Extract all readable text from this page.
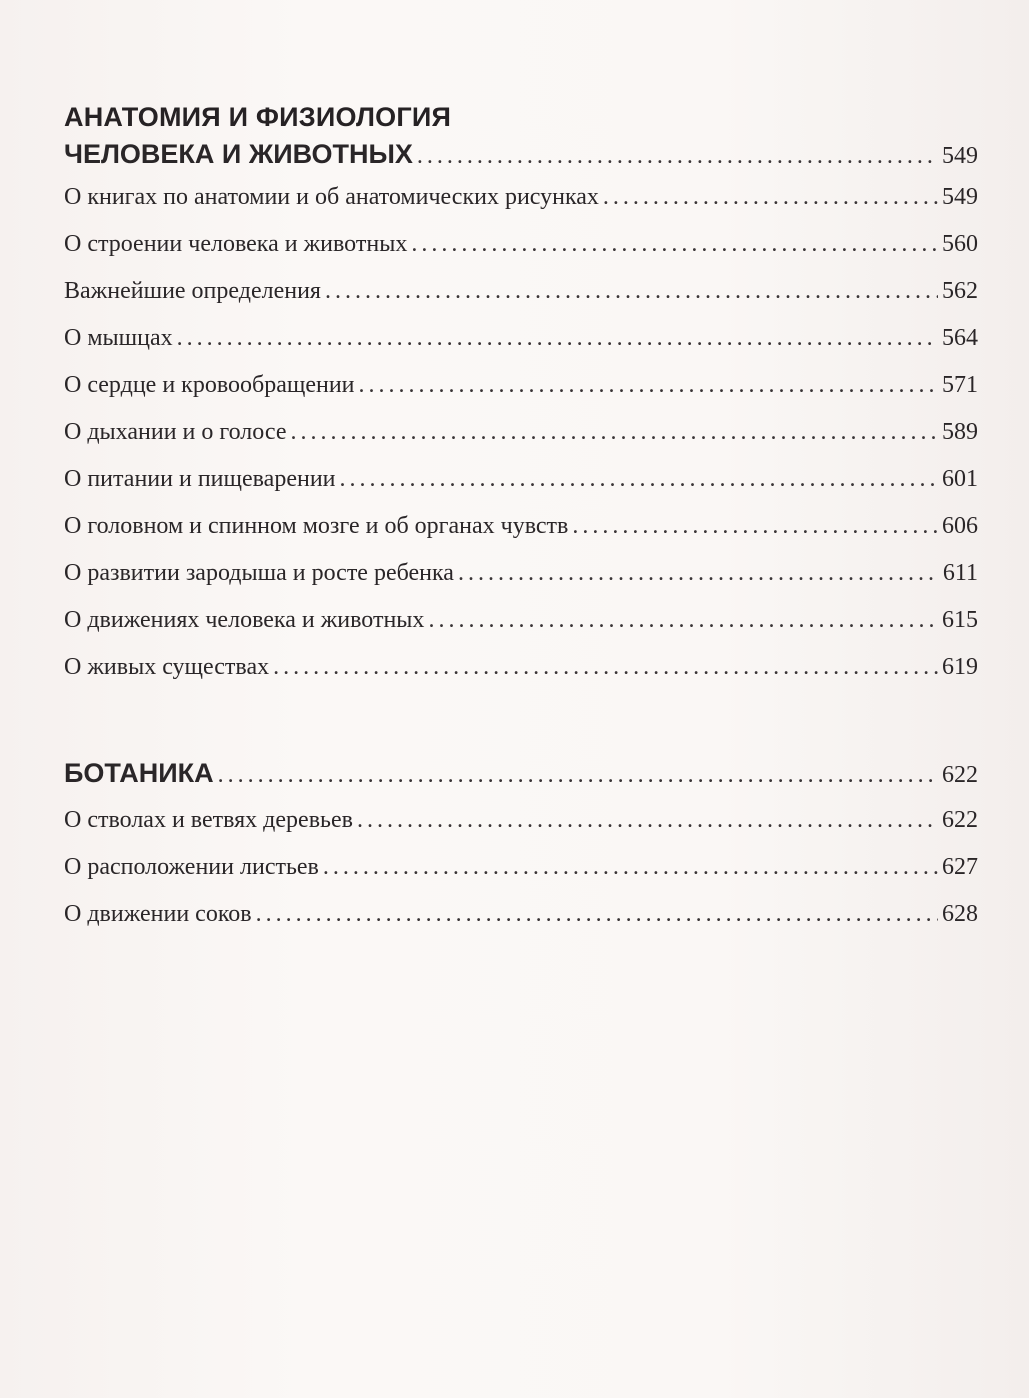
АНАТОМИЯ И ФИЗИОЛОГИЯ
ЧЕЛОВЕКА И ЖИВОТНЫХ . . .	549
О книгах по анатомии и об анатомических рисунках . . .	549
О строении человека и животных . . .	560
Важнейшие определения . . .	562
О мышцах . . .	564
О сердце и кровообращении . . .	571
О дыхании и о голосе . . .	589
О питании и пищеварении . . .	601
О головном и спинном мозге и об органах чувств . . .	606
О развитии зародыша и росте ребенка . . .	611
О движениях человека и животных . . .	615
О живых существах . . .	619
БОТАНИКА . . .	622
О стволах и ветвях деревьев . . .	622
О расположении листьев . . .	627
О движении соков . . .	628
